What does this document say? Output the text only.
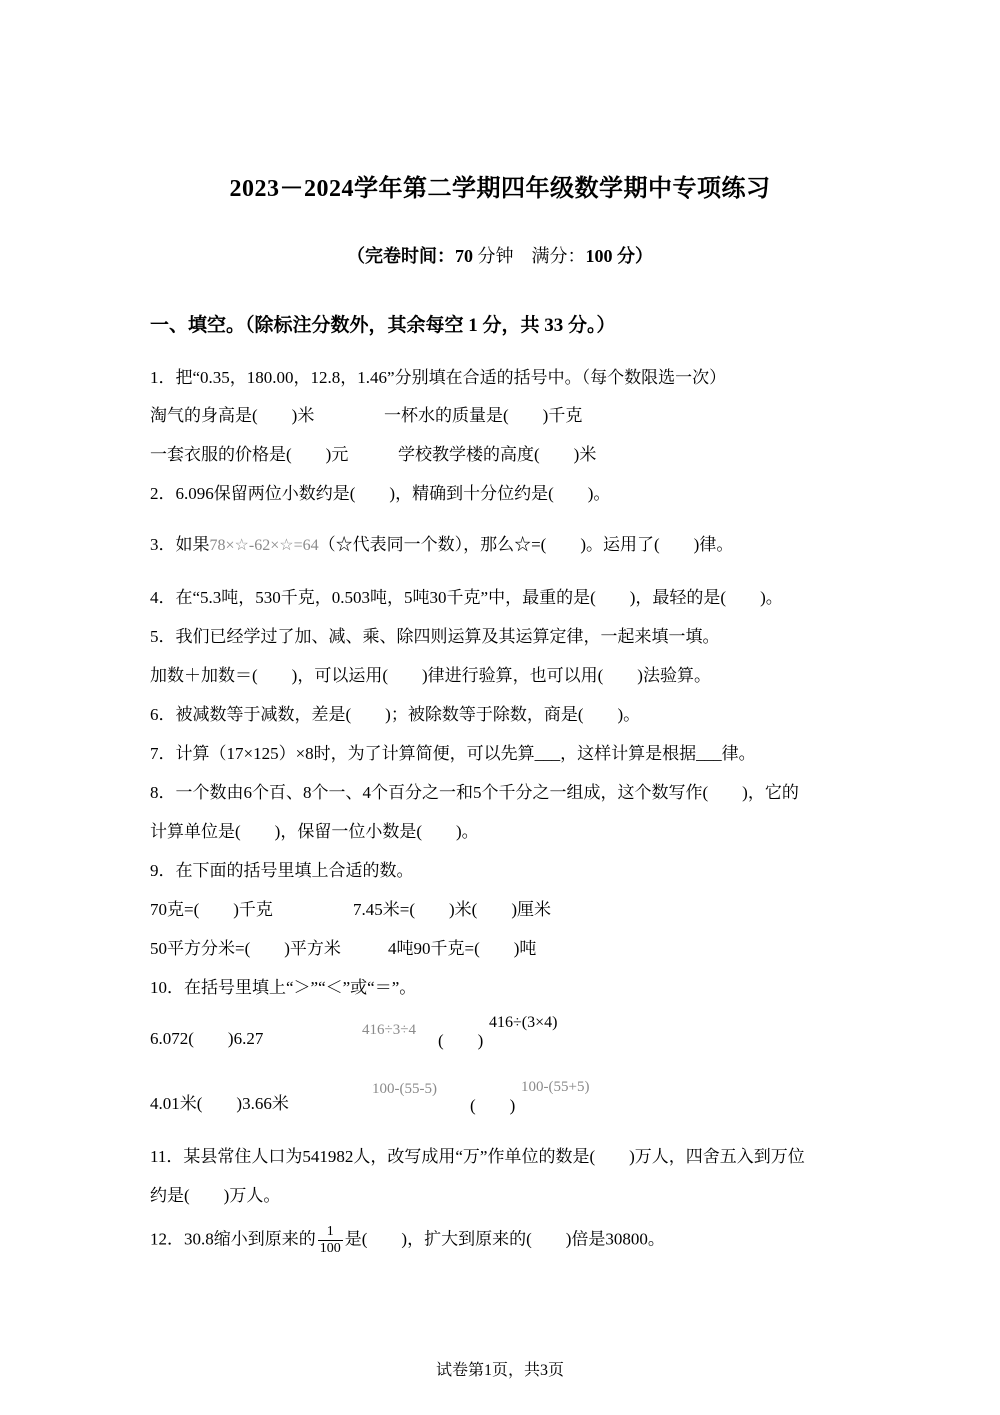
2023－2024学年第二学期四年级数学期中专项练习
（完卷时间：70 分钟　满分：100 分）
一、填空。（除标注分数外，其余每空 1 分，共 33 分。）
1．把“0.35，180.00，12.8，1.46”分别填在合适的括号中。（每个数限选一次）
淘气的身高是(　　)米	一杯水的质量是(　　)千克
一套衣服的价格是(　　)元	学校教学楼的高度(　　)米
2．6.096保留两位小数约是(　　)，精确到十分位约是(　　)。
3．如果78×☆-62×☆=64（☆代表同一个数），那么☆=(　　)。运用了(　　)律。
4．在“5.3吨，530千克，0.503吨，5吨30千克”中，最重的是(　　)，最轻的是(　　)。
5．我们已经学过了加、减、乘、除四则运算及其运算定律，一起来填一填。
加数＋加数＝(　　)，可以运用(　　)律进行验算，也可以用(　　)法验算。
6．被减数等于减数，差是(　　)；被除数等于除数，商是(　　)。
7．计算（17×125）×8时，为了计算简便，可以先算___，这样计算是根据___律。
8．一个数由6个百、8个一、4个百分之一和5个千分之一组成，这个数写作(　　)，它的
计算单位是(　　)，保留一位小数是(　　)。
9．在下面的括号里填上合适的数。
70克=(　　)千克	7.45米=(　　)米(　　)厘米
50平方分米=(　　)平方米	4吨90千克=(　　)吨
10．在括号里填上“＞”“＜”或“＝”。
6.072(　　)6.27	416÷3÷4
(　　)
416÷(3×4)
4.01米(　　)3.66米
100-(55-5)
(　　)
100-(55+5)
11．某县常住人口为541982人，改写成用“万”作单位的数是(　　)万人，四舍五入到万位
约是(　　)万人。
12．30.8缩小到原来的 $\frac{1}{100}$ 是(　　)，扩大到原来的(　　)倍是30800。
试卷第1页，共3页
